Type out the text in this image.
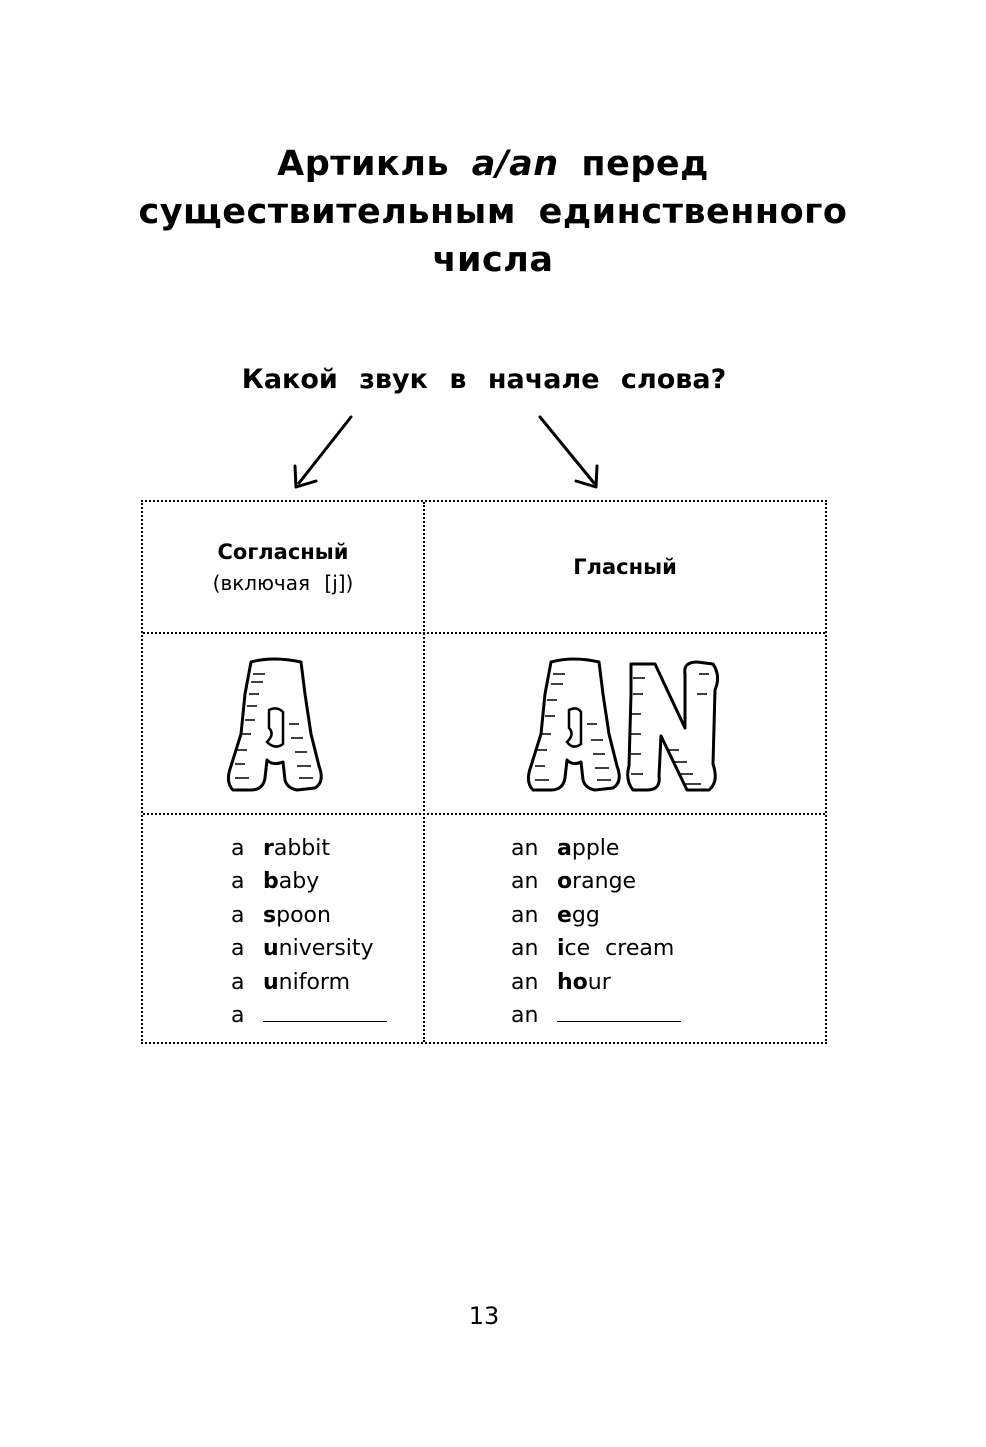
Артикль a/an перед
существительным единственного
числа
Какой звук в начале слова?
Согласный
(включая [j])
Гласный
a rabbit
a baby
a spoon
a university
a uniform
a
an apple
an orange
an egg
an ice cream
an hour
an
13
